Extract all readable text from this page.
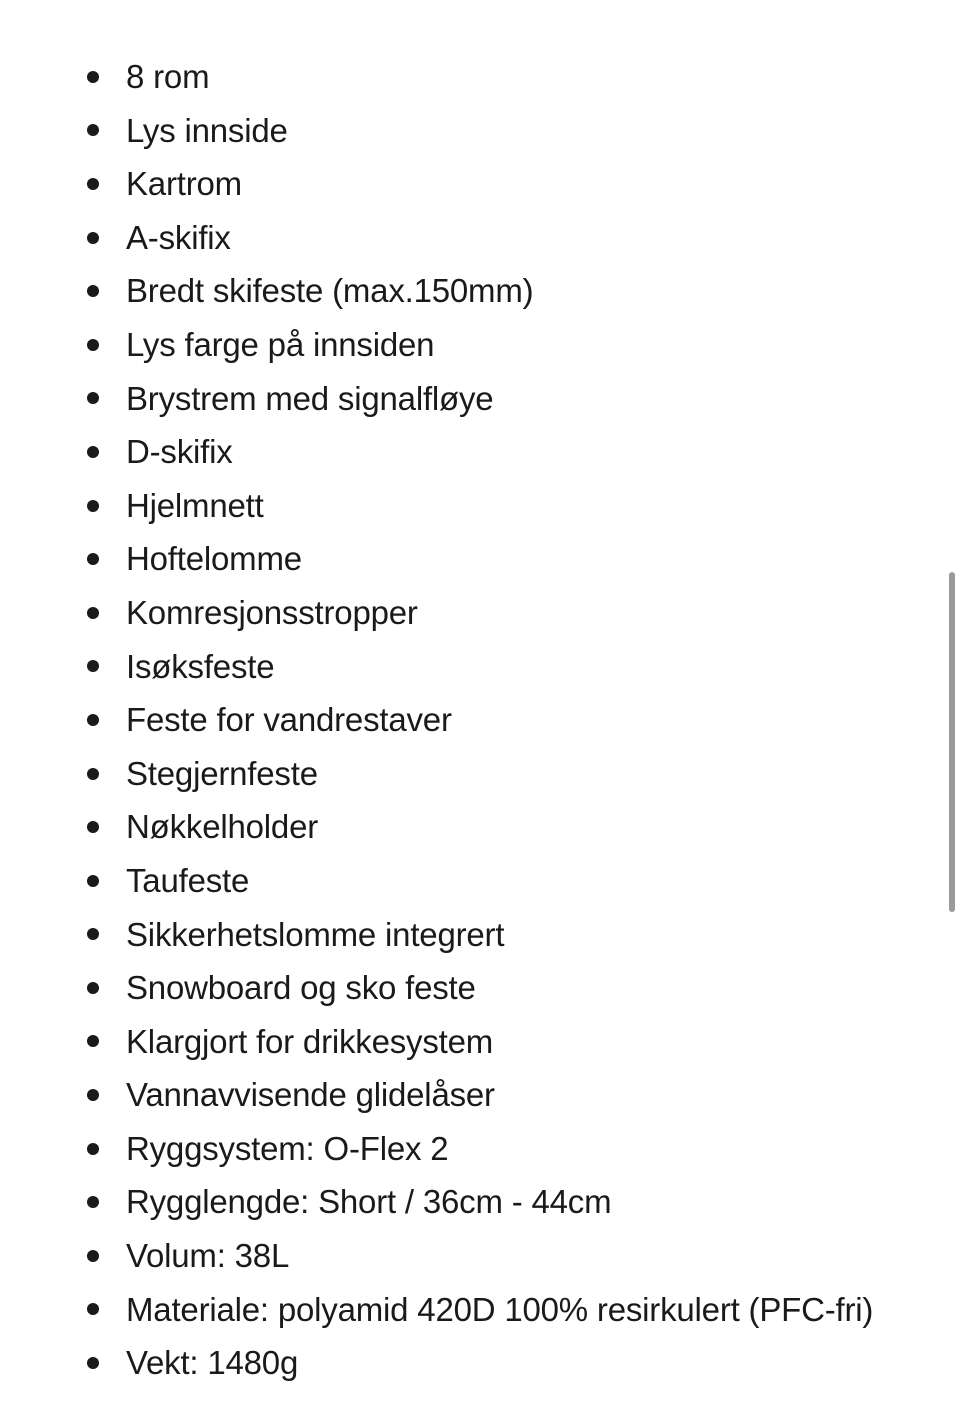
8 rom
Lys innside
Kartrom
A-skifix
Bredt skifeste (max.150mm)
Lys farge på innsiden
Brystrem med signalfløye
D-skifix
Hjelmnett
Hoftelomme
Komresjonsstropper
Isøksfeste
Feste for vandrestaver
Stegjernfeste
Nøkkelholder
Taufeste
Sikkerhetslomme integrert
Snowboard og sko feste
Klargjort for drikkesystem
Vannavvisende glidelåser
Ryggsystem: O-Flex 2
Rygglengde: Short / 36cm - 44cm
Volum: 38L
Materiale: polyamid 420D 100% resirkulert (PFC-fri)
Vekt: 1480g
